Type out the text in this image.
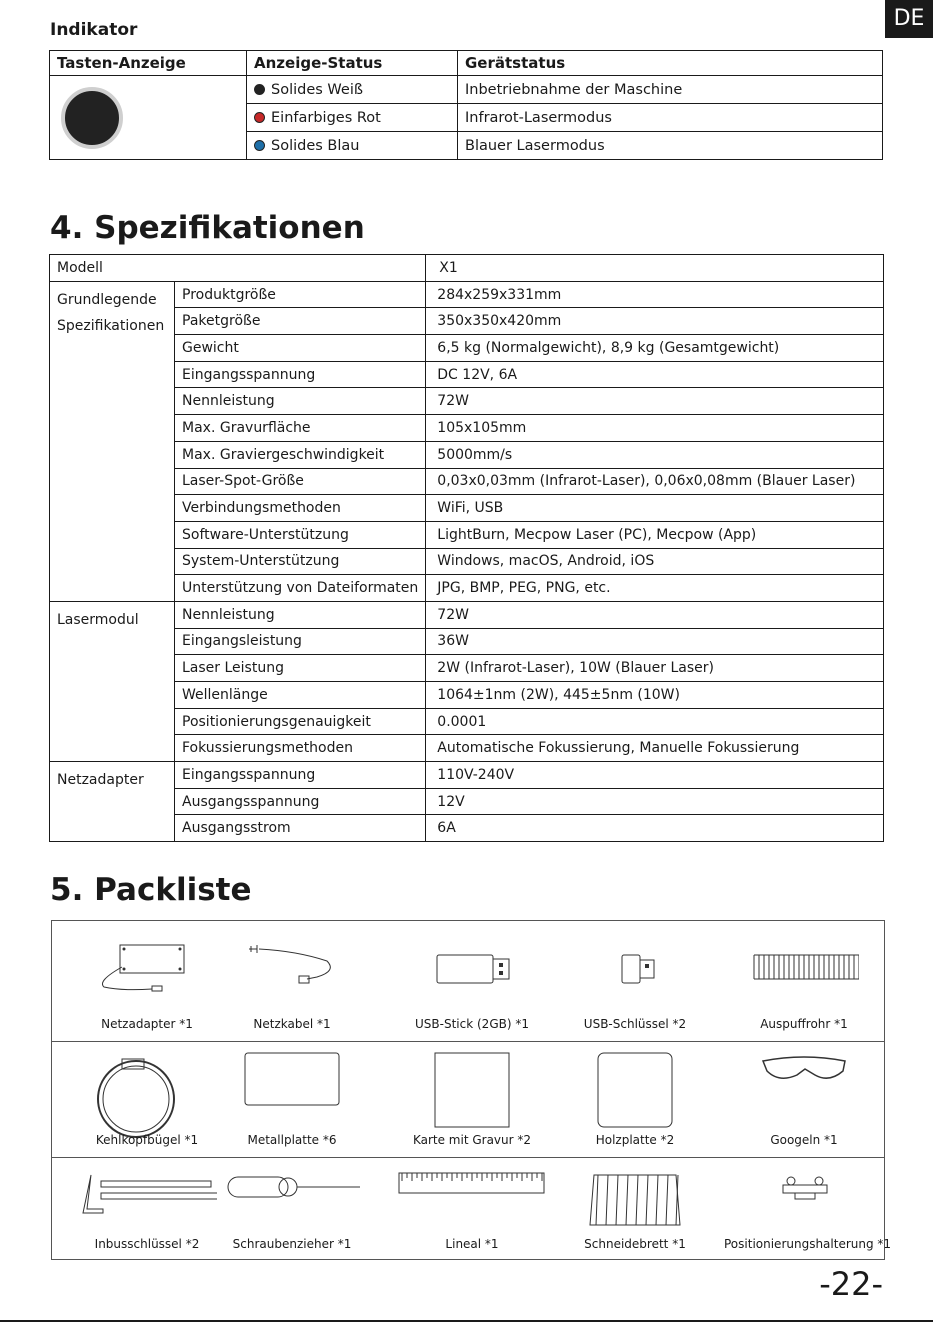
DE
Indikator
Tasten-Anzeige	Anzeige-Status	Gerätstatus

	Solides Weiß	Inbetriebnahme der Maschine
	Einfarbiges Rot	Infrarot-Lasermodus
	Solides Blau	Blauer Lasermodus
4. Spezifikationen
Modell		X1
Grundlegende Spezifikationen	Produktgröße	284x259x331mm
	Paketgröße	350x350x420mm
	Gewicht	6,5 kg (Normalgewicht), 8,9 kg (Gesamtgewicht)
	Eingangsspannung	DC 12V, 6A
	Nennleistung	72W
	Max. Gravurfläche	105x105mm
	Max. Graviergeschwindigkeit	5000mm/s
	Laser-Spot-Größe	0,03x0,03mm (Infrarot-Laser), 0,06x0,08mm (Blauer Laser)
	Verbindungsmethoden	WiFi, USB
	Software-Unterstützung	LightBurn, Mecpow Laser (PC), Mecpow (App)
	System-Unterstützung	Windows, macOS, Android, iOS
	Unterstützung von Dateiformaten	JPG, BMP, PEG, PNG, etc.
Lasermodul	Nennleistung	72W
	Eingangsleistung	36W
	Laser Leistung	2W (Infrarot-Laser), 10W (Blauer Laser)
	Wellenlänge	1064±1nm (2W), 445±5nm (10W)
	Positionierungsgenauigkeit	0.0001
	Fokussierungsmethoden	Automatische Fokussierung, Manuelle Fokussierung
Netzadapter	Eingangsspannung	110V-240V
	Ausgangsspannung	12V
	Ausgangsstrom	6A
5. Packliste
Netzadapter *1	Netzkabel *1	USB-Stick (2GB) *1	USB-Schlüssel *2	Auspuffrohr *1
Kehlkopfbügel *1	Metallplatte *6	Karte mit Gravur *2	Holzplatte *2	Googeln *1
Inbusschlüssel *2	Schraubenzieher *1	Lineal *1	Schneidebrett *1	Positionierungshalterung *1
-22-
